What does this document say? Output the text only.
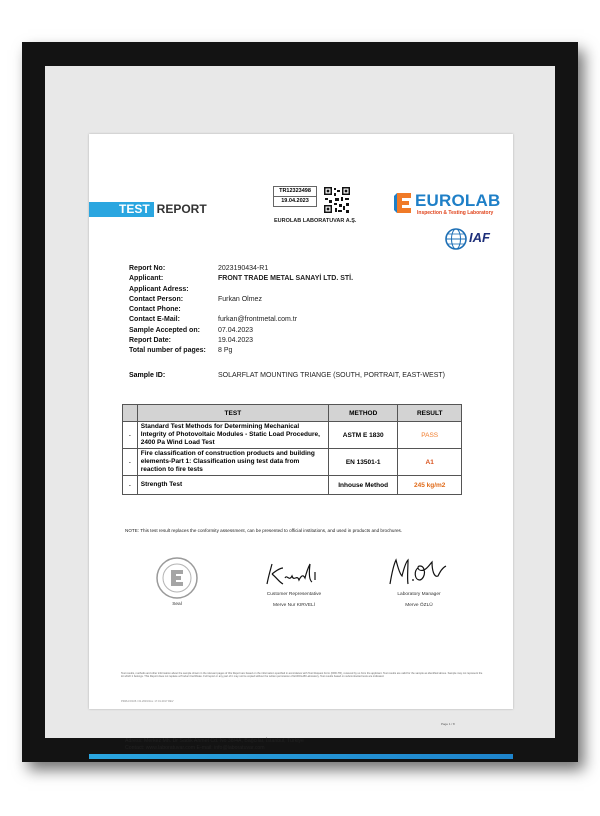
TEST REPORT
TR12323498
19.04.2023
EUROLAB LABORATUVAR A.Ş.
EUROLAB
Inspection & Testing Laboratory
IAF
Report No:	2023190434-R1
Applicant:	FRONT TRADE METAL SANAYİ LTD. STİ.
Applicant Adress:
Contact Person:	Furkan Olmez
Contact Phone:
Contact E-Mail:	furkan@frontmetal.com.tr
Sample Accepted on:	07.04.2023
Report Date:	19.04.2023
Total number of pages:	8 Pg
Sample ID:	SOLARFLAT MOUNTING TRIANGE (SOUTH, PORTRAIT, EAST-WEST)
	TEST	METHOD	RESULT
-	Standard Test Methods for Determining Mechanical Integrity of Photovoltaic Modules - Static Load Procedure, 2400 Pa Wind Load Test	ASTM E 1830	PASS
-	Fire classification of construction products and building elements-Part 1: Classification using test data from reaction to fire tests	EN 13501-1	A1
-	Strength Test	Inhouse Method	245 kg/m2
NOTE: This test result replaces the conformity assessment, can be presented to official institutions, and used in products and brochures.
Seal
Customer Representative
Merve Nur KIRVELİ
Laboratory Manager
Merve ÖZLÜ
Test results, methods and other information about the sample shown in the relevant pages of this Report are based on the information specified in accordance with Test Request Form (FRD-TR), received by us from the applicant. Test results are valid for the sample as identified above. Sample may not represent the lot which it belongs. This Report does not replace a Product Certificate. Full report or any part of it may not be copied without the written permission of EUROLAB Laboratory. Test results based on subcontracted tests are indicated.
PR26-FO106 / 01.2019 Rev. 17.01.2017 REV
Page 1 / 8
Adress: Merkez Mh. Dr Sadık Ahmet Cd. No 38/4A, Bağcılar, İstanbul, Türkiye
Contact: www.laboratuvar.com E-mail: info@laboratuvar.com
